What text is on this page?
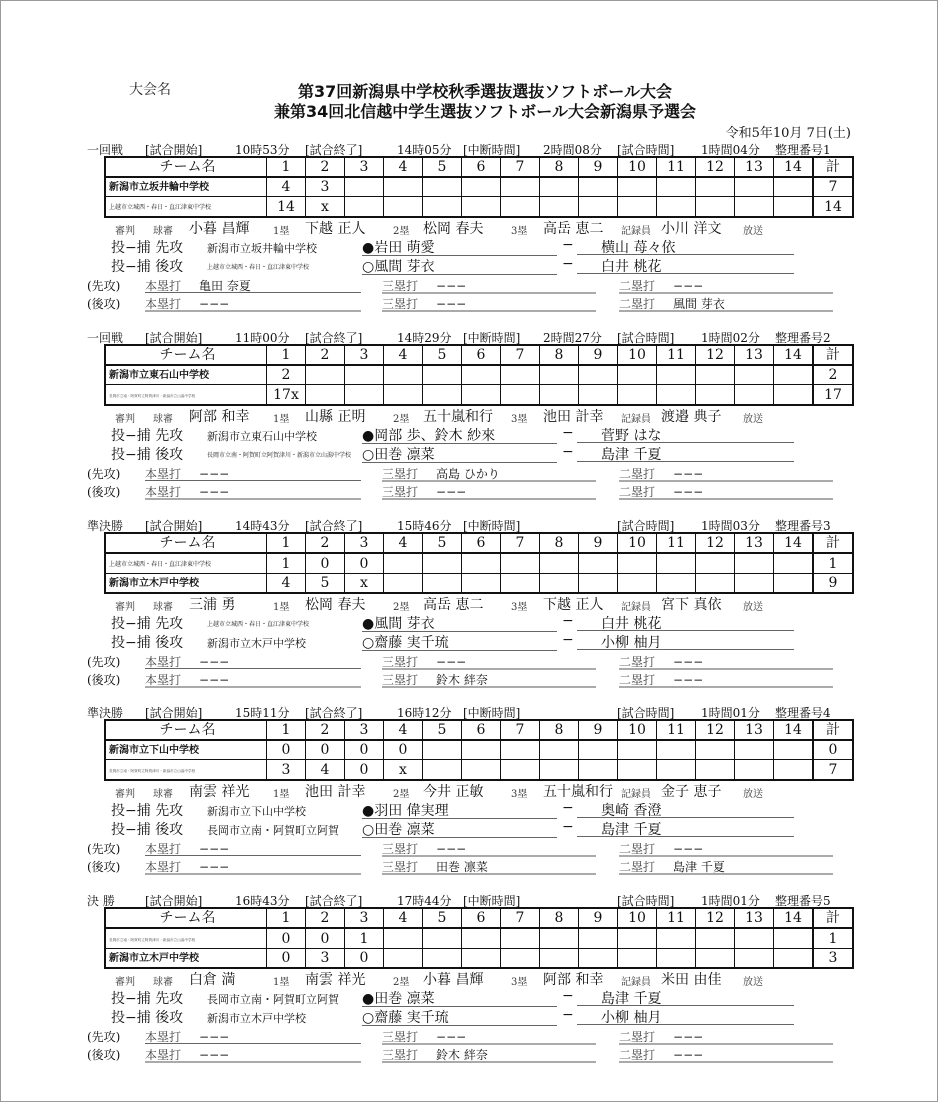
大会名	第37回新潟県中学校秋季選抜選抜ソフトボール大会
兼第34回北信越中学生選抜ソフトボール大会新潟県予選会
令和5年10月 7日(土)
一回戦 [試合開始]	10時53分 [試合終了]	14時05分 [中断時間] 2時間08分 [試合時間] 1時間04分 整理番号1
チーム名	1	2	3	4	5	6	7	8	9	10	11	12	13	14	計
新潟市立坂井輪中学校	4	3													7
上越市立城西・春日・直江津東中学校	14	x													14
審判 球審 小暮 昌輝 1塁 下越 正人	2塁 松岡 春夫	3塁 高岳 恵二 記録員 小川 洋文 放送
投−捕 先攻 新潟市立坂井輪中学校	●岩田 萌愛	−	横山 苺々依
投−捕 後攻	上越市立城西・春日・直江津東中学校	○風間 芽衣	−	白井 桃花
(先攻) 本塁打 亀田 奈夏	三塁打 −−−	二塁打 −−−
(後攻) 本塁打 −−−	三塁打 −−−	二塁打 風間 芽衣
一回戦 [試合開始]	11時00分 [試合終了]	14時29分 [中断時間] 2時間27分 [試合時間] 1時間02分 整理番号2
チーム名	1	2	3	4	5	6	7	8	9	10	11	12	13	14	計
新潟市立東石山中学校	2														2
長岡市立南・阿賀町立阿賀津川・新潟市立山潟中学校	17x														17
審判 球審 阿部 和幸 1塁 山縣 正明	2塁 五十嵐和行 3塁 池田 計幸 記録員 渡邉 典子 放送
投−捕 先攻 新潟市立東石山中学校	●岡部 歩、鈴木 紗來	−	菅野 はな
投−捕 後攻	長岡市立南・阿賀町立阿賀津川・新潟市立山潟中学校 ○田巻 凛菜	−	島津 千夏
(先攻) 本塁打 −−−	三塁打 高島 ひかり	二塁打 −−−
(後攻) 本塁打 −−−	三塁打 −−−	二塁打 −−−
準決勝 [試合開始]	14時43分 [試合終了]	15時46分 [中断時間]	[試合時間] 1時間03分 整理番号3
チーム名	1	2	3	4	5	6	7	8	9	10	11	12	13	14	計
上越市立城西・春日・直江津東中学校	1	0	0												1
新潟市立木戸中学校	4	5	x												9
審判 球審 三浦 勇	1塁 松岡 春夫	2塁 高岳 恵二	3塁 下越 正人 記録員 宮下 真依 放送
投−捕 先攻	上越市立城西・春日・直江津東中学校	●風間 芽衣	−	白井 桃花
投−捕 後攻 新潟市立木戸中学校	○齋藤 実千琉	−	小柳 柚月
(先攻) 本塁打 −−−	三塁打 −−−	二塁打 −−−
(後攻) 本塁打 −−−	三塁打 鈴木 絆奈	二塁打 −−−
準決勝 [試合開始]	15時11分 [試合終了]	16時12分 [中断時間]	[試合時間] 1時間01分 整理番号4
チーム名	1	2	3	4	5	6	7	8	9	10	11	12	13	14	計
新潟市立下山中学校	0	0	0	0											0
長岡市立南・阿賀町立阿賀津川・新潟市立山潟中学校	3	4	0	x											7
審判 球審 南雲 祥光 1塁 池田 計幸	2塁 今井 正敏	3塁 五十嵐和行 記録員 金子 恵子 放送
投−捕 先攻 新潟市立下山中学校	●羽田 偉実理	−	奥崎 香澄
投−捕 後攻 長岡市立南・阿賀町立阿賀	○田巻 凛菜	−	島津 千夏
(先攻) 本塁打 −−−	三塁打 −−−	二塁打 −−−
(後攻) 本塁打 −−−	三塁打 田巻 凛菜	二塁打 島津 千夏
決 勝	[試合開始]	16時43分 [試合終了]	17時44分 [中断時間]	[試合時間] 1時間01分 整理番号5
チーム名	1	2	3	4	5	6	7	8	9	10	11	12	13	14	計
長岡市立南・阿賀町立阿賀津川・新潟市立山潟中学校	0	0	1												1
新潟市立木戸中学校	0	3	0												3
審判 球審 白倉 満	1塁 南雲 祥光	2塁 小暮 昌輝	3塁 阿部 和幸 記録員 米田 由佳 放送
投−捕 先攻 長岡市立南・阿賀町立阿賀	●田巻 凛菜	−	島津 千夏
投−捕 後攻 新潟市立木戸中学校	○齋藤 実千琉	−	小柳 柚月
(先攻) 本塁打 −−−	三塁打 −−−	二塁打 −−−
(後攻) 本塁打 −−−	三塁打 鈴木 絆奈	二塁打 −−−
